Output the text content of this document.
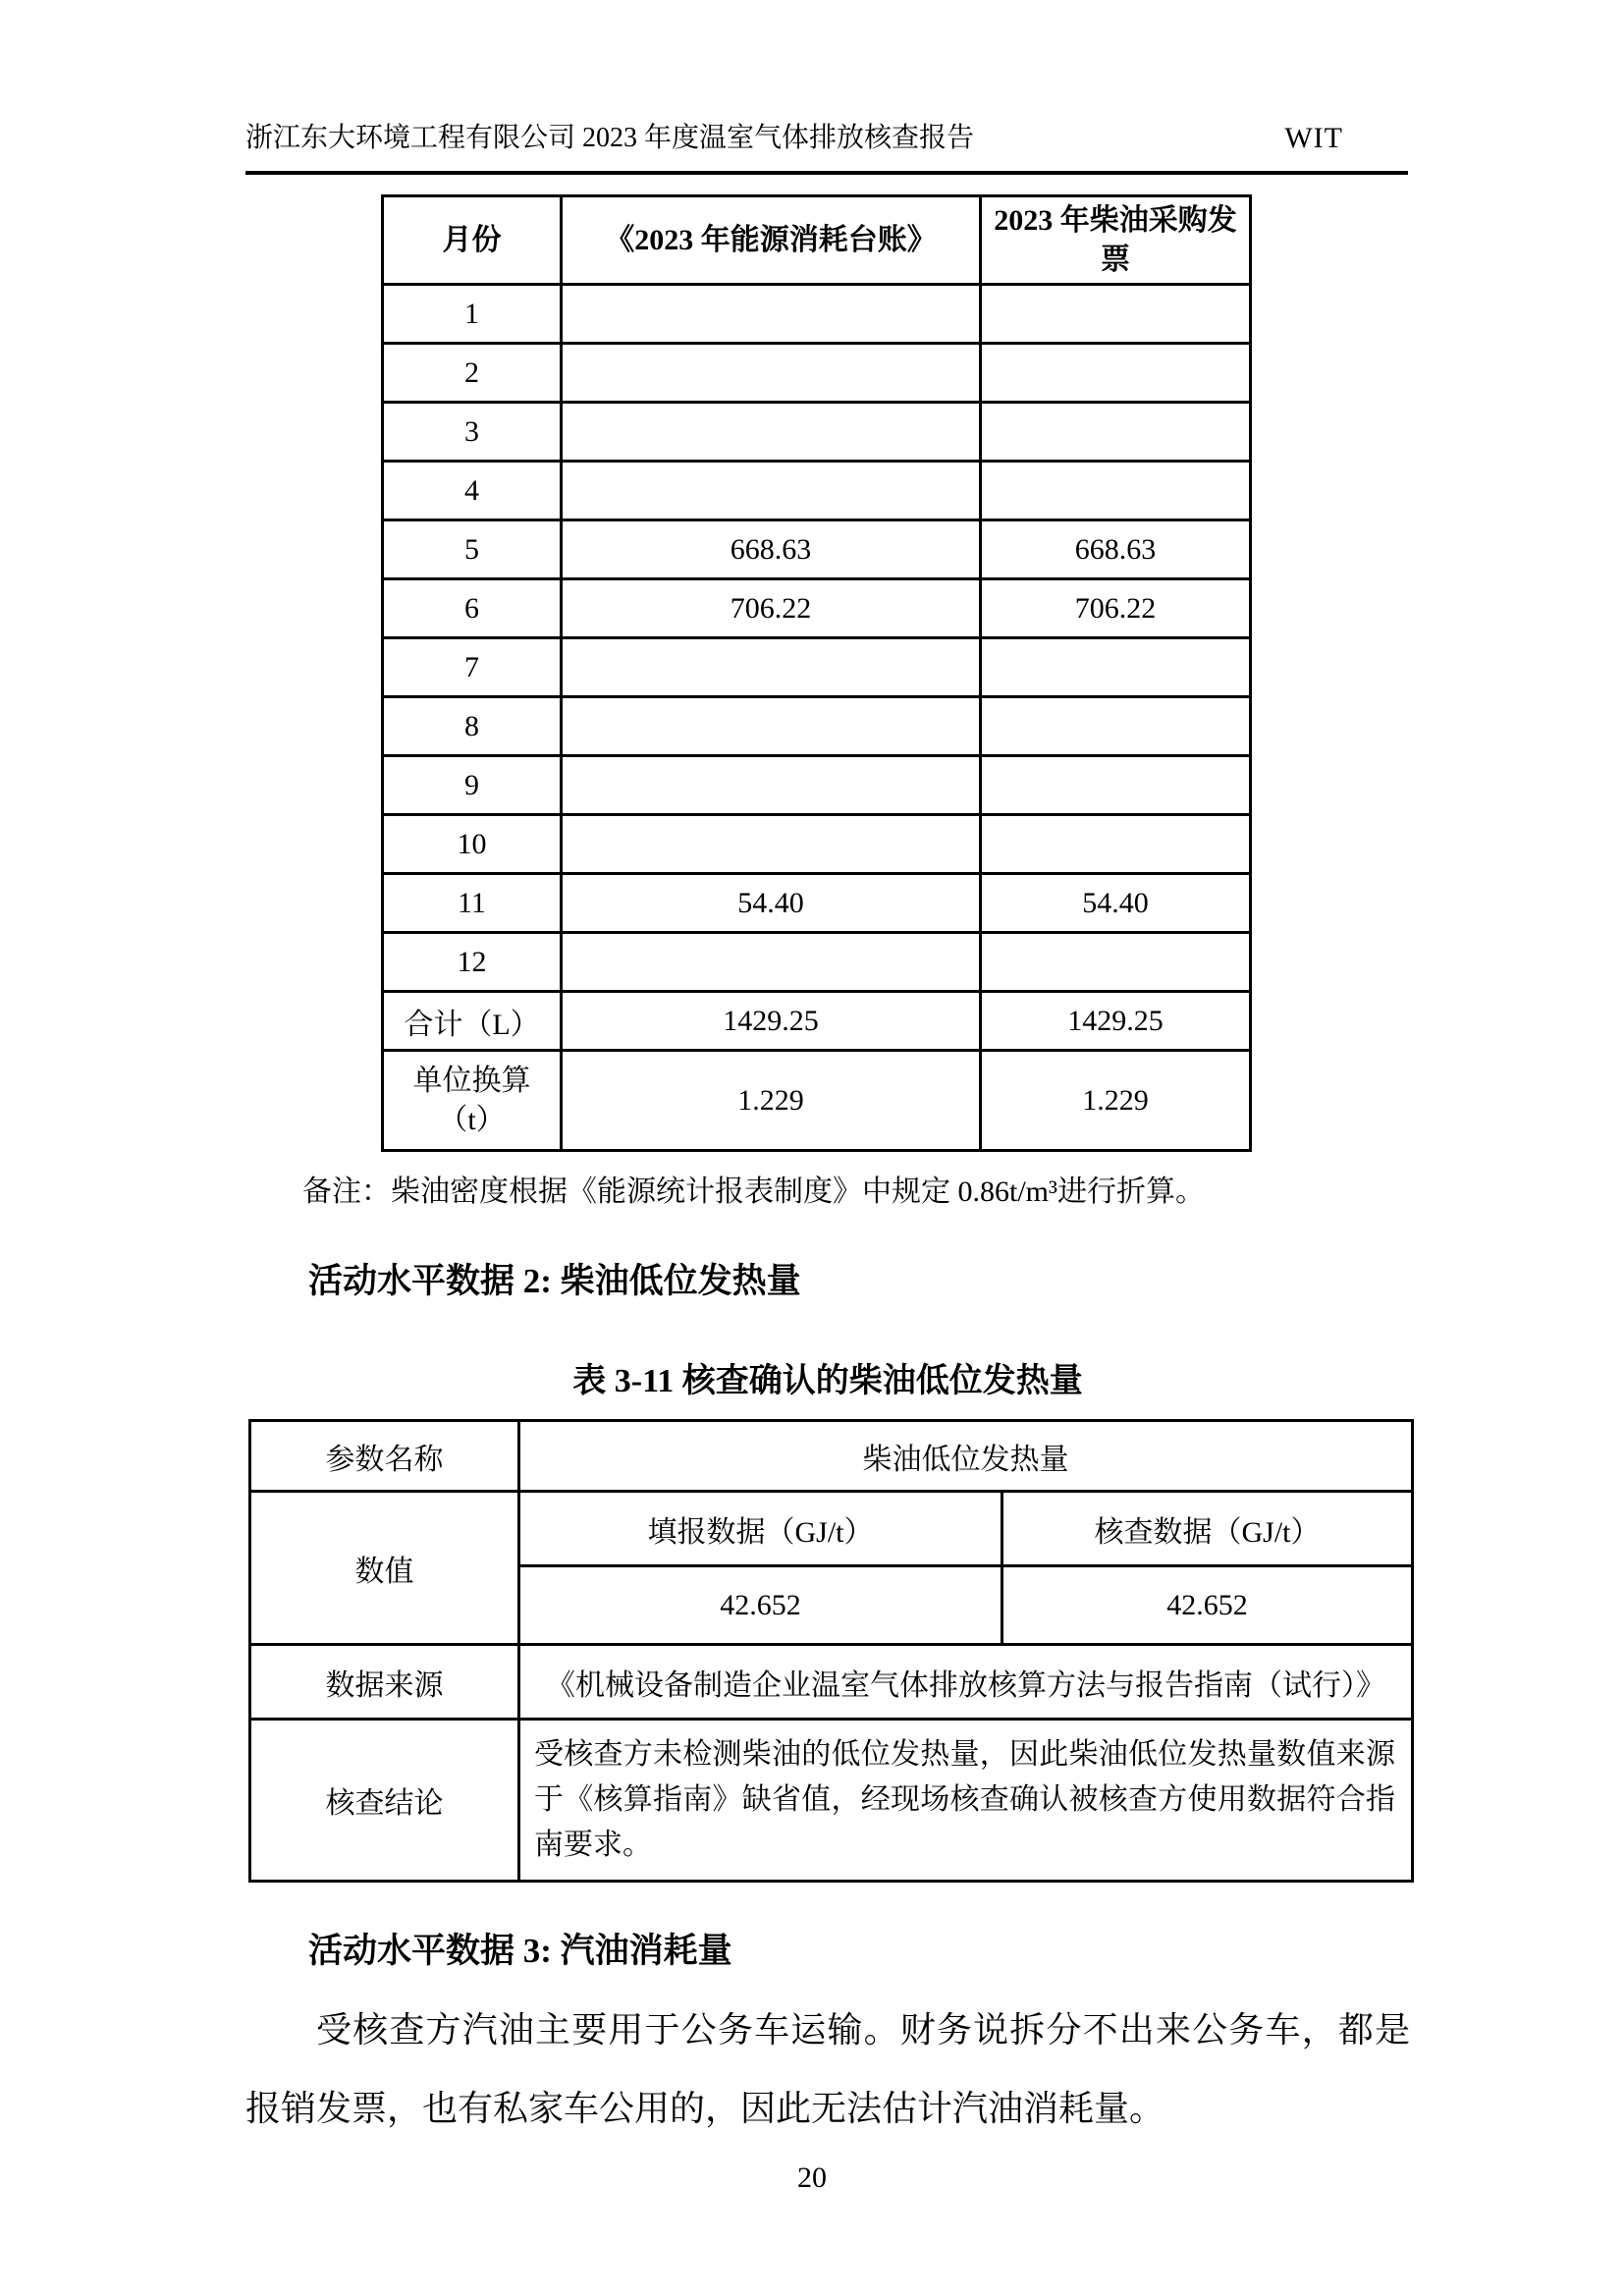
浙江东大环境工程有限公司 2023 年度温室气体排放核查报告	WIT
月份	《2023 年能源消耗台账》	2023 年柴油采购发票
1		
2		
3		
4		
5	668.63	668.63
6	706.22	706.22
7		
8		
9		
10		
11	54.40	54.40
12		
合计（L）	1429.25	1429.25
单位换算（t）	1.229	1.229

备注：柴油密度根据《能源统计报表制度》中规定 0.86t/m³进行折算。

活动水平数据 2: 柴油低位发热量

表 3-11 核查确认的柴油低位发热量

参数名称	柴油低位发热量	
数值	填报数据（GJ/t）	核查数据（GJ/t）
	42.652	42.652
数据来源	《机械设备制造企业温室气体排放核算方法与报告指南（试行）》	
核查结论	受核查方未检测柴油的低位发热量，因此柴油低位发热量数值来源于《核算指南》缺省值，经现场核查确认被核查方使用数据符合指南要求。	

活动水平数据 3: 汽油消耗量

受核查方汽油主要用于公务车运输。财务说拆分不出来公务车，都是报销发票，也有私家车公用的，因此无法估计汽油消耗量。

20
